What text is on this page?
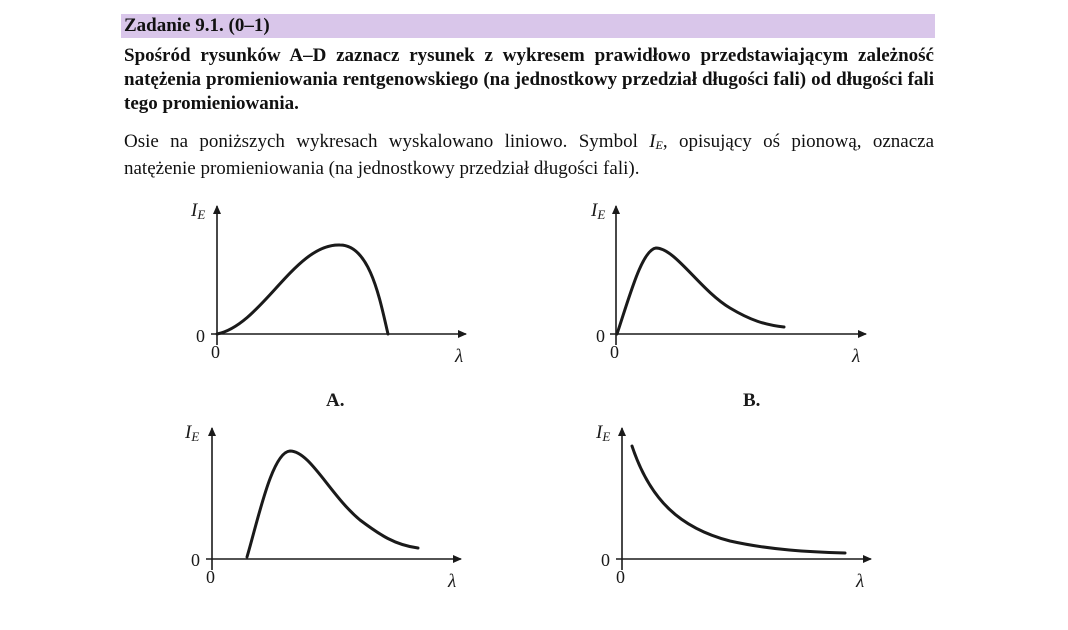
Zadanie 9.1. (0–1)

Spośród rysunków A–D zaznacz rysunek z wykresem prawidłowo przedstawiającym zależność natężenia promieniowania rentgenowskiego (na jednostkowy przedział długości fali) od długości fali tego promieniowania.

Osie na poniższych wykresach wyskalowano liniowo. Symbol $I_E$, opisujący oś pionową, oznacza natężenie promieniowania (na jednostkowy przedział długości fali).

IE
0
0	λ
A.
IE
0
0	λ
B.
IE
0
0	λ
IE
0
0	λ
